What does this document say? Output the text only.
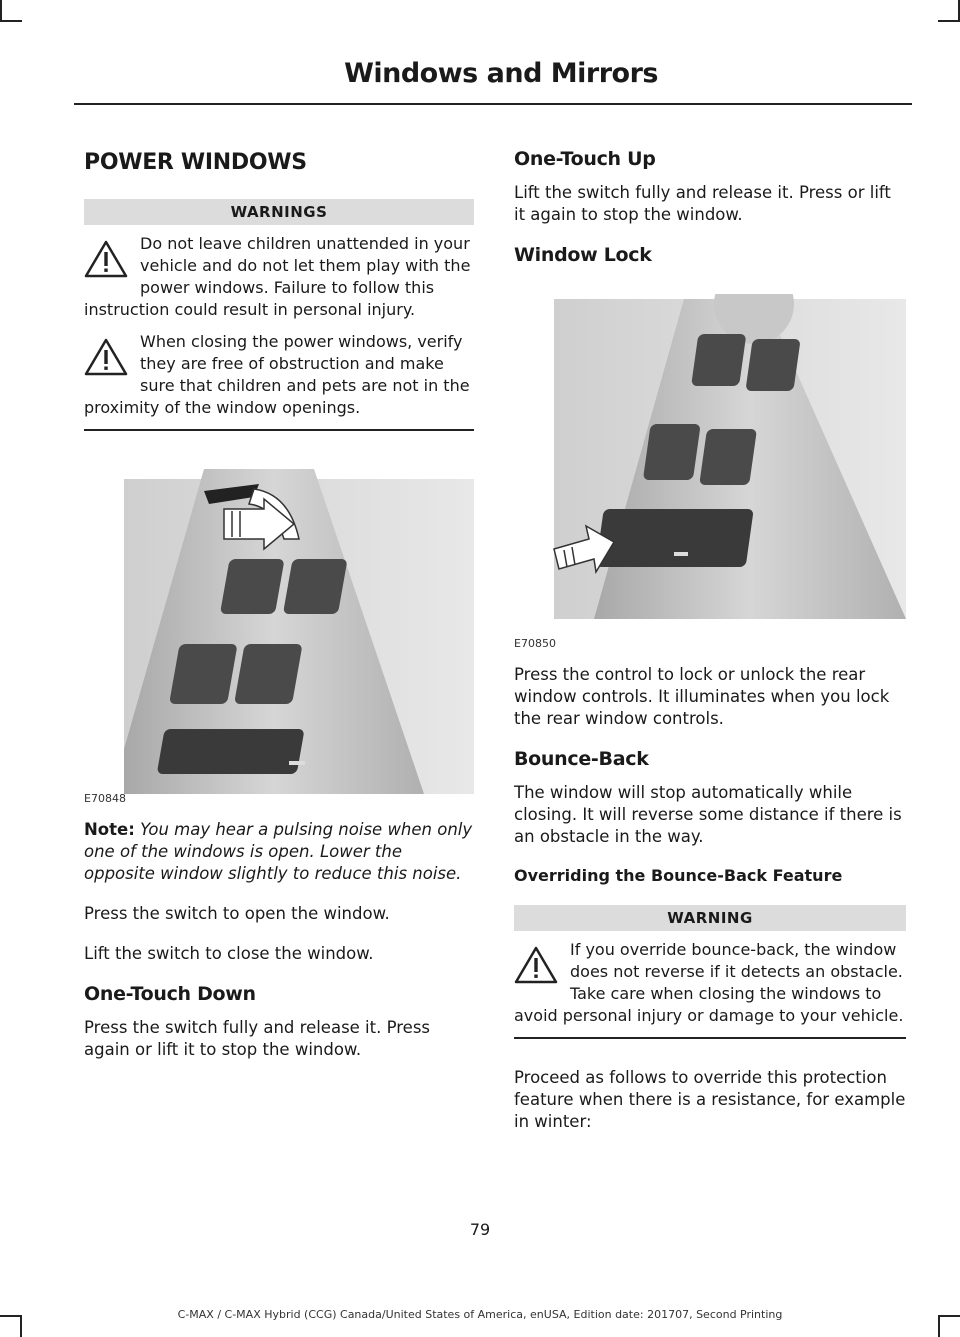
Windows and Mirrors
POWER WINDOWS
WARNINGS
Do not leave children unattended in your vehicle and do not let them play with the power windows. Failure to follow this instruction could result in personal injury.
When closing the power windows, verify they are free of obstruction and make sure that children and pets are not in the proximity of the window openings.
E70848

Note: You may hear a pulsing noise when only one of the windows is open. Lower the opposite window slightly to reduce this noise.

Press the switch to open the window.

Lift the switch to close the window.

One-Touch Down

Press the switch fully and release it. Press again or lift it to stop the window.

One-Touch Up

Lift the switch fully and release it. Press or lift it again to stop the window.

Window Lock
E70850

Press the control to lock or unlock the rear window controls. It illuminates when you lock the rear window controls.

Bounce-Back

The window will stop automatically while closing. It will reverse some distance if there is an obstacle in the way.

Overriding the Bounce-Back Feature
WARNING
If you override bounce-back, the window does not reverse if it detects an obstacle. Take care when closing the windows to avoid personal injury or damage to your vehicle.

Proceed as follows to override this protection feature when there is a resistance, for example in winter:

79
C-MAX / C-MAX Hybrid (CCG) Canada/United States of America, enUSA, Edition date: 201707, Second Printing
